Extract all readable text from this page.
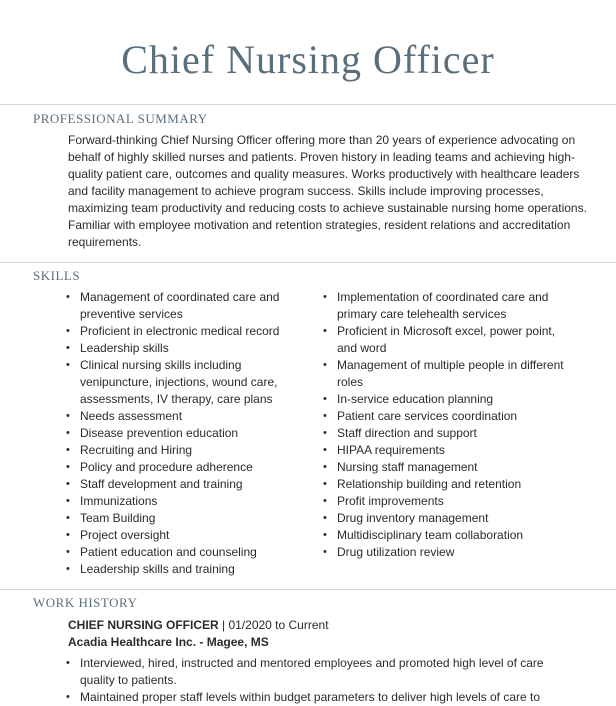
Chief Nursing Officer
PROFESSIONAL SUMMARY

Forward-thinking Chief Nursing Officer offering more than 20 years of experience advocating on behalf of highly skilled nurses and patients. Proven history in leading teams and achieving high-quality patient care, outcomes and quality measures. Works productively with healthcare leaders and facility management to achieve program success. Skills include improving processes, maximizing team productivity and reducing costs to achieve sustainable nursing home operations. Familiar with employee motivation and retention strategies, resident relations and accreditation requirements.

SKILLS
• Management of coordinated care and preventive services
• Proficient in electronic medical record
• Leadership skills
• Clinical nursing skills including venipuncture, injections, wound care, assessments, IV therapy, care plans
• Needs assessment
• Disease prevention education
• Recruiting and Hiring
• Policy and procedure adherence
• Staff development and training
• Immunizations
• Team Building
• Project oversight
• Patient education and counseling
• Leadership skills and training
• Implementation of coordinated care and primary care telehealth services
• Proficient in Microsoft excel, power point, and word
• Management of multiple people in different roles
• In-service education planning
• Patient care services coordination
• Staff direction and support
• HIPAA requirements
• Nursing staff management
• Relationship building and retention
• Profit improvements
• Drug inventory management
• Multidisciplinary team collaboration
• Drug utilization review
WORK HISTORY
CHIEF NURSING OFFICER | 01/2020 to Current
Acadia Healthcare Inc. - Magee, MS
• Interviewed, hired, instructed and mentored employees and promoted high level of care quality to patients.
• Maintained proper staff levels within budget parameters to deliver high levels of care to
